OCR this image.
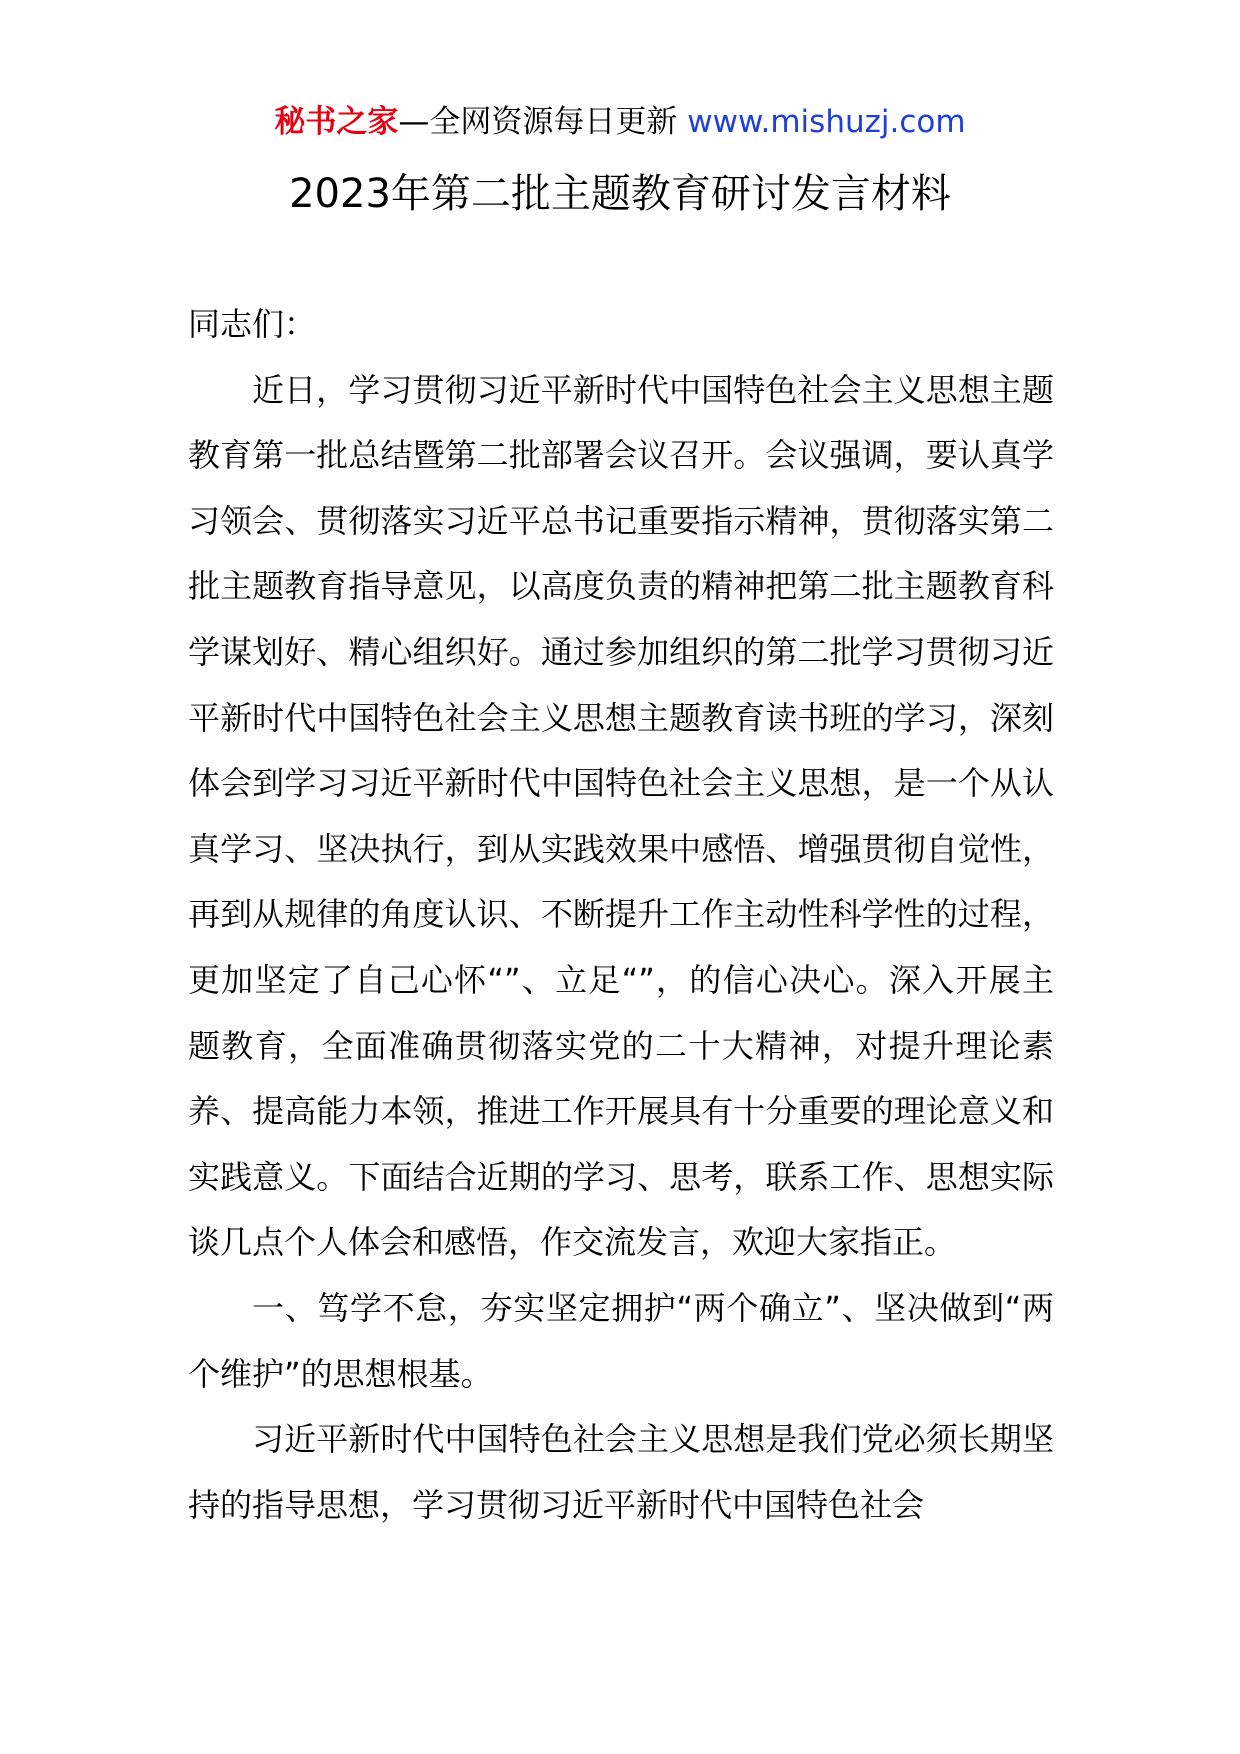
秘书之家—全网资源每日更新 www.mishuzj.com
2023年第二批主题教育研讨发言材料

同志们：

近日，学习贯彻习近平新时代中国特色社会主义思想主题教育第一批总结暨第二批部署会议召开。会议强调，要认真学习领会、贯彻落实习近平总书记重要指示精神，贯彻落实第二批主题教育指导意见，以高度负责的精神把第二批主题教育科学谋划好、精心组织好。通过参加组织的第二批学习贯彻习近平新时代中国特色社会主义思想主题教育读书班的学习，深刻体会到学习习近平新时代中国特色社会主义思想，是一个从认真学习、坚决执行，到从实践效果中感悟、增强贯彻自觉性，再到从规律的角度认识、不断提升工作主动性科学性的过程，更加坚定了自己心怀“”、立足“”，的信心决心。深入开展主题教育，全面准确贯彻落实党的二十大精神，对提升理论素养、提高能力本领，推进工作开展具有十分重要的理论意义和实践意义。下面结合近期的学习、思考，联系工作、思想实际谈几点个人体会和感悟，作交流发言，欢迎大家指正。

一、笃学不怠，夯实坚定拥护“两个确立”、坚决做到“两个维护”的思想根基。

习近平新时代中国特色社会主义思想是我们党必须长期坚持的指导思想，学习贯彻习近平新时代中国特色社会
